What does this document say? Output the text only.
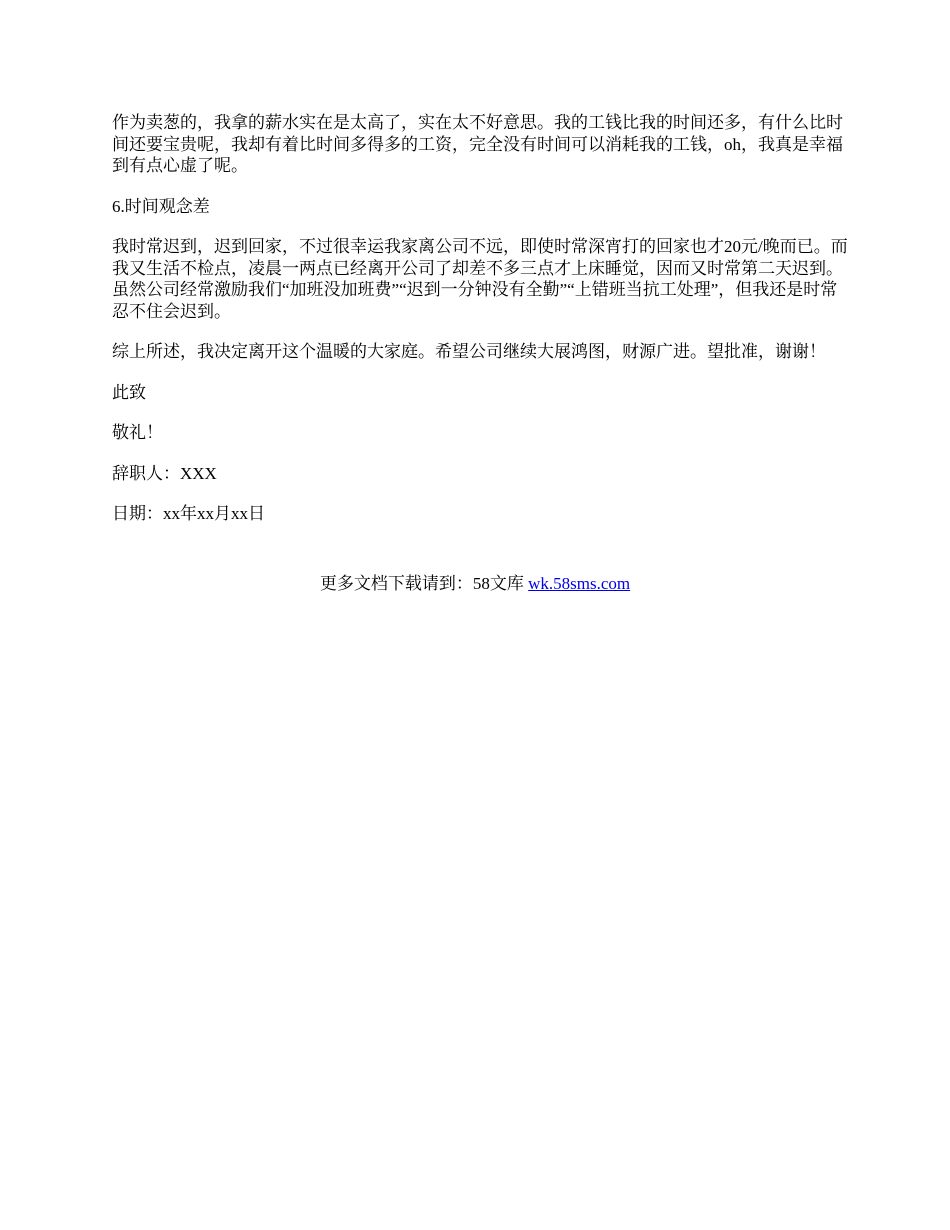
作为卖葱的，我拿的薪水实在是太高了，实在太不好意思。我的工钱比我的时间还多，有什么比时间还要宝贵呢，我却有着比时间多得多的工资，完全没有时间可以消耗我的工钱，oh，我真是幸福到有点心虚了呢。

6.时间观念差

我时常迟到，迟到回家，不过很幸运我家离公司不远，即使时常深宵打的回家也才20元/晚而已。而我又生活不检点，凌晨一两点已经离开公司了却差不多三点才上床睡觉，因而又时常第二天迟到。虽然公司经常激励我们“加班没加班费”“迟到一分钟没有全勤”“上错班当抗工处理”，但我还是时常忍不住会迟到。

综上所述，我决定离开这个温暖的大家庭。希望公司继续大展鸿图，财源广进。望批准，谢谢！

此致

敬礼！

辞职人：XXX

日期：xx年xx月xx日

更多文档下载请到：58文库 wk.58sms.com
